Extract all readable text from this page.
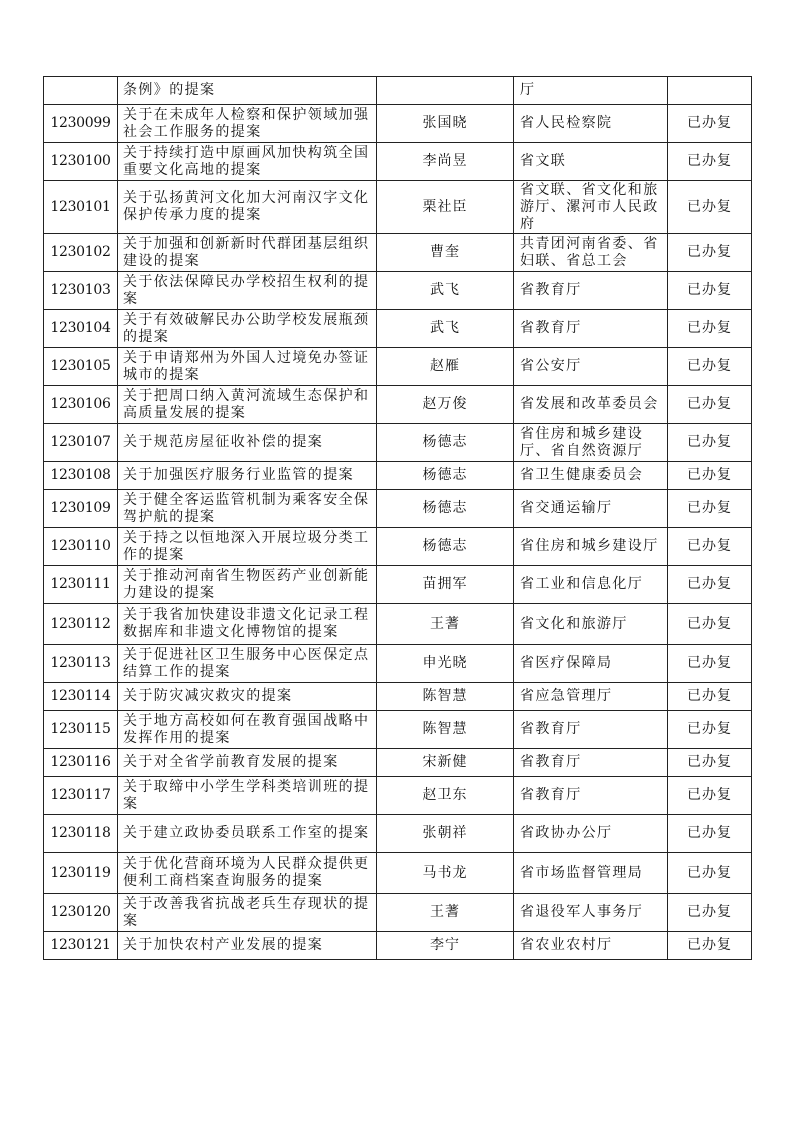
	条例》的提案		厅	
1230099	关于在未成年人检察和保护领域加强社会工作服务的提案	张国晓	省人民检察院	已办复
1230100	关于持续打造中原画风加快构筑全国重要文化高地的提案	李尚昱	省文联	已办复
1230101	关于弘扬黄河文化加大河南汉字文化保护传承力度的提案	栗社臣	省文联、省文化和旅游厅、漯河市人民政府	已办复
1230102	关于加强和创新新时代群团基层组织建设的提案	曹奎	共青团河南省委、省妇联、省总工会	已办复
1230103	关于依法保障民办学校招生权利的提案	武飞	省教育厅	已办复
1230104	关于有效破解民办公助学校发展瓶颈的提案	武飞	省教育厅	已办复
1230105	关于申请郑州为外国人过境免办签证城市的提案	赵雁	省公安厅	已办复
1230106	关于把周口纳入黄河流域生态保护和高质量发展的提案	赵万俊	省发展和改革委员会	已办复
1230107	关于规范房屋征收补偿的提案	杨德志	省住房和城乡建设厅、省自然资源厅	已办复
1230108	关于加强医疗服务行业监管的提案	杨德志	省卫生健康委员会	已办复
1230109	关于健全客运监管机制为乘客安全保驾护航的提案	杨德志	省交通运输厅	已办复
1230110	关于持之以恒地深入开展垃圾分类工作的提案	杨德志	省住房和城乡建设厅	已办复
1230111	关于推动河南省生物医药产业创新能力建设的提案	苗拥军	省工业和信息化厅	已办复
1230112	关于我省加快建设非遗文化记录工程数据库和非遗文化博物馆的提案	王蓍	省文化和旅游厅	已办复
1230113	关于促进社区卫生服务中心医保定点结算工作的提案	申光晓	省医疗保障局	已办复
1230114	关于防灾减灾救灾的提案	陈智慧	省应急管理厅	已办复
1230115	关于地方高校如何在教育强国战略中发挥作用的提案	陈智慧	省教育厅	已办复
1230116	关于对全省学前教育发展的提案	宋新健	省教育厅	已办复
1230117	关于取缔中小学生学科类培训班的提案	赵卫东	省教育厅	已办复
1230118	关于建立政协委员联系工作室的提案	张朝祥	省政协办公厅	已办复
1230119	关于优化营商环境为人民群众提供更便利工商档案查询服务的提案	马书龙	省市场监督管理局	已办复
1230120	关于改善我省抗战老兵生存现状的提案	王蓍	省退役军人事务厅	已办复
1230121	关于加快农村产业发展的提案	李宁	省农业农村厅	已办复
